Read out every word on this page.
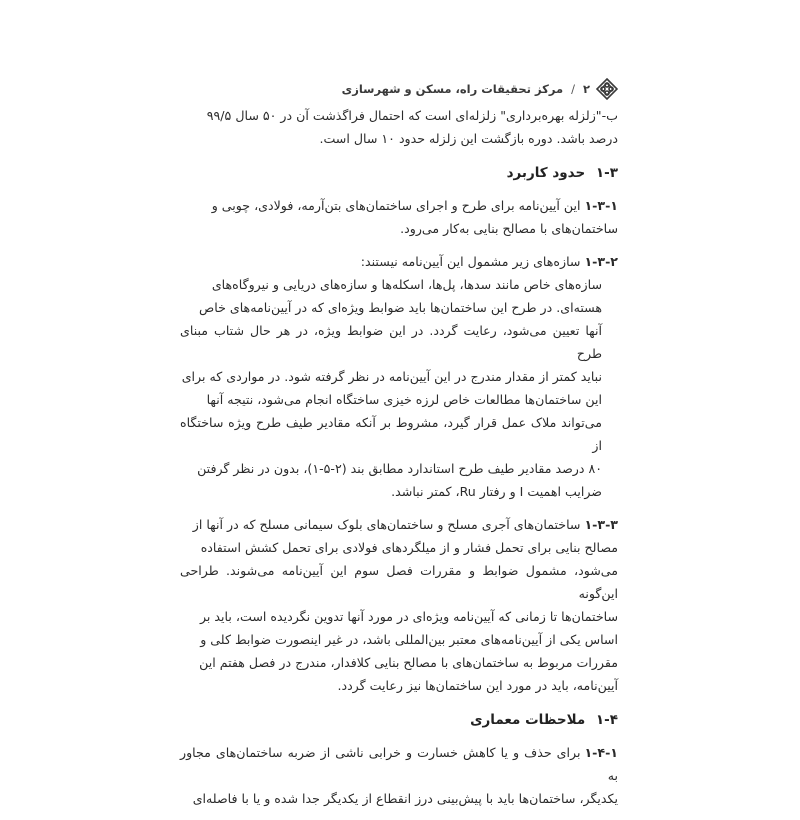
۲
/
مرکز تحقیقات راه، مسکن و شهرسازی

ب-"زلزله بهره‌برداری" زلزله‌ای است که احتمال فراگذشت آن در ۵۰ سال ۹۹/۵
درصد باشد. دوره بازگشت این زلزله حدود ۱۰ سال است.

۱-۳ حدود کاربرد

۱-۳-۱این آیین‌نامه برای طرح و اجرای ساختمان‌های بتن‌آرمه، فولادی، چوبی و
ساختمان‌های با مصالح بنایی به‌کار می‌رود.

۱-۳-۲سازه‌های زیر مشمول این آیین‌نامه نیستند:

سازه‌های خاص مانند سدها، پل‌ها، اسکله‌ها و سازه‌های دریایی و نیروگاه‌های
هسته‌ای. در طرح این ساختمان‌ها باید ضوابط ویژه‌ای که در آیین‌نامه‌های خاص
آنها تعیین می‌شود، رعایت گردد. در این ضوابط ویژه، در هر حال شتاب مبنای طرح
نباید کمتر از مقدار مندرج در این آیین‌نامه در نظر گرفته شود. در مواردی که برای
این ساختمان‌ها مطالعات خاص لرزه خیزی ساختگاه انجام می‌شود، نتیجه آنها
می‌تواند ملاک عمل قرار گیرد، مشروط بر آنکه مقادیر طیف طرح ویژه ساختگاه از
۸۰ درصد مقادیر طیف طرح استاندارد مطابق بند (۲-۵-۱)، بدون در نظر گرفتن
ضرایب اهمیت I و رفتار Ru، کمتر نباشد.

۱-۳-۳ساختمان‌های آجری مسلح و ساختمان‌های بلوک سیمانی مسلح که در آنها از
مصالح بنایی برای تحمل فشار و از میلگردهای فولادی برای تحمل کشش استفاده
می‌شود، مشمول ضوابط و مقررات فصل سوم این آیین‌نامه می‌شوند. طراحی این‌گونه
ساختمان‌ها تا زمانی که آیین‌نامه ویژه‌ای در مورد آنها تدوین نگردیده است، باید بر
اساس یکی از آیین‌نامه‌های معتبر بین‌المللی باشد، در غیر اینصورت ضوابط کلی و
مقررات مربوط به ساختمان‌های با مصالح بنایی کلافدار، مندرج در فصل هفتم این
آیین‌نامه، باید در مورد این ساختمان‌ها نیز رعایت گردد.

۱-۴ ملاحظات معماری

۱-۴-۱برای حذف و یا کاهش خسارت و خرابی ناشی از ضربه ساختمان‌های مجاور به
یکدیگر، ساختمان‌ها باید با پیش‌بینی درز انقطاع از یکدیگر جدا شده و یا با فاصله‌ای
